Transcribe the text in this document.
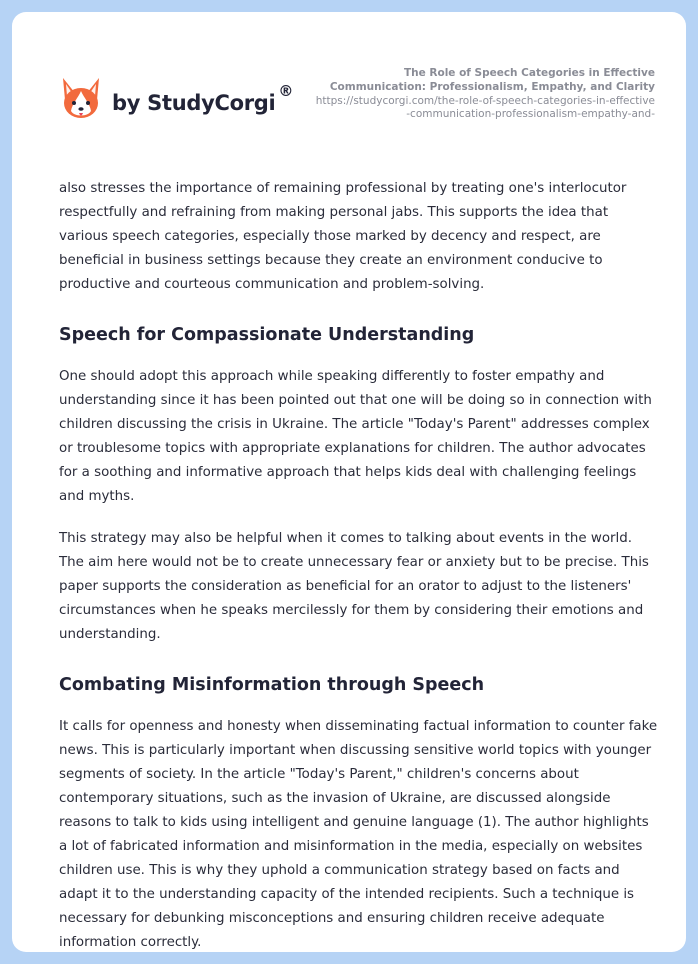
by StudyCorgi ®
The Role of Speech Categories in Effective Communication: Professionalism, Empathy, and Clarity
https://studycorgi.com/the-role-of-speech-categories-in-effective-communication-professionalism-empathy-and-

also stresses the importance of remaining professional by treating one's interlocutor respectfully and refraining from making personal jabs. This supports the idea that various speech categories, especially those marked by decency and respect, are beneficial in business settings because they create an environment conducive to productive and courteous communication and problem-solving.

Speech for Compassionate Understanding

One should adopt this approach while speaking differently to foster empathy and understanding since it has been pointed out that one will be doing so in connection with children discussing the crisis in Ukraine. The article "Today's Parent" addresses complex or troublesome topics with appropriate explanations for children. The author advocates for a soothing and informative approach that helps kids deal with challenging feelings and myths.

This strategy may also be helpful when it comes to talking about events in the world. The aim here would not be to create unnecessary fear or anxiety but to be precise. This paper supports the consideration as beneficial for an orator to adjust to the listeners' circumstances when he speaks mercilessly for them by considering their emotions and understanding.

Combating Misinformation through Speech

It calls for openness and honesty when disseminating factual information to counter fake news. This is particularly important when discussing sensitive world topics with younger segments of society. In the article "Today's Parent," children's concerns about contemporary situations, such as the invasion of Ukraine, are discussed alongside reasons to talk to kids using intelligent and genuine language (1). The author highlights a lot of fabricated information and misinformation in the media, especially on websites children use. This is why they uphold a communication strategy based on facts and adapt it to the understanding capacity of the intended recipients. Such a technique is necessary for debunking misconceptions and ensuring children receive adequate information correctly.
